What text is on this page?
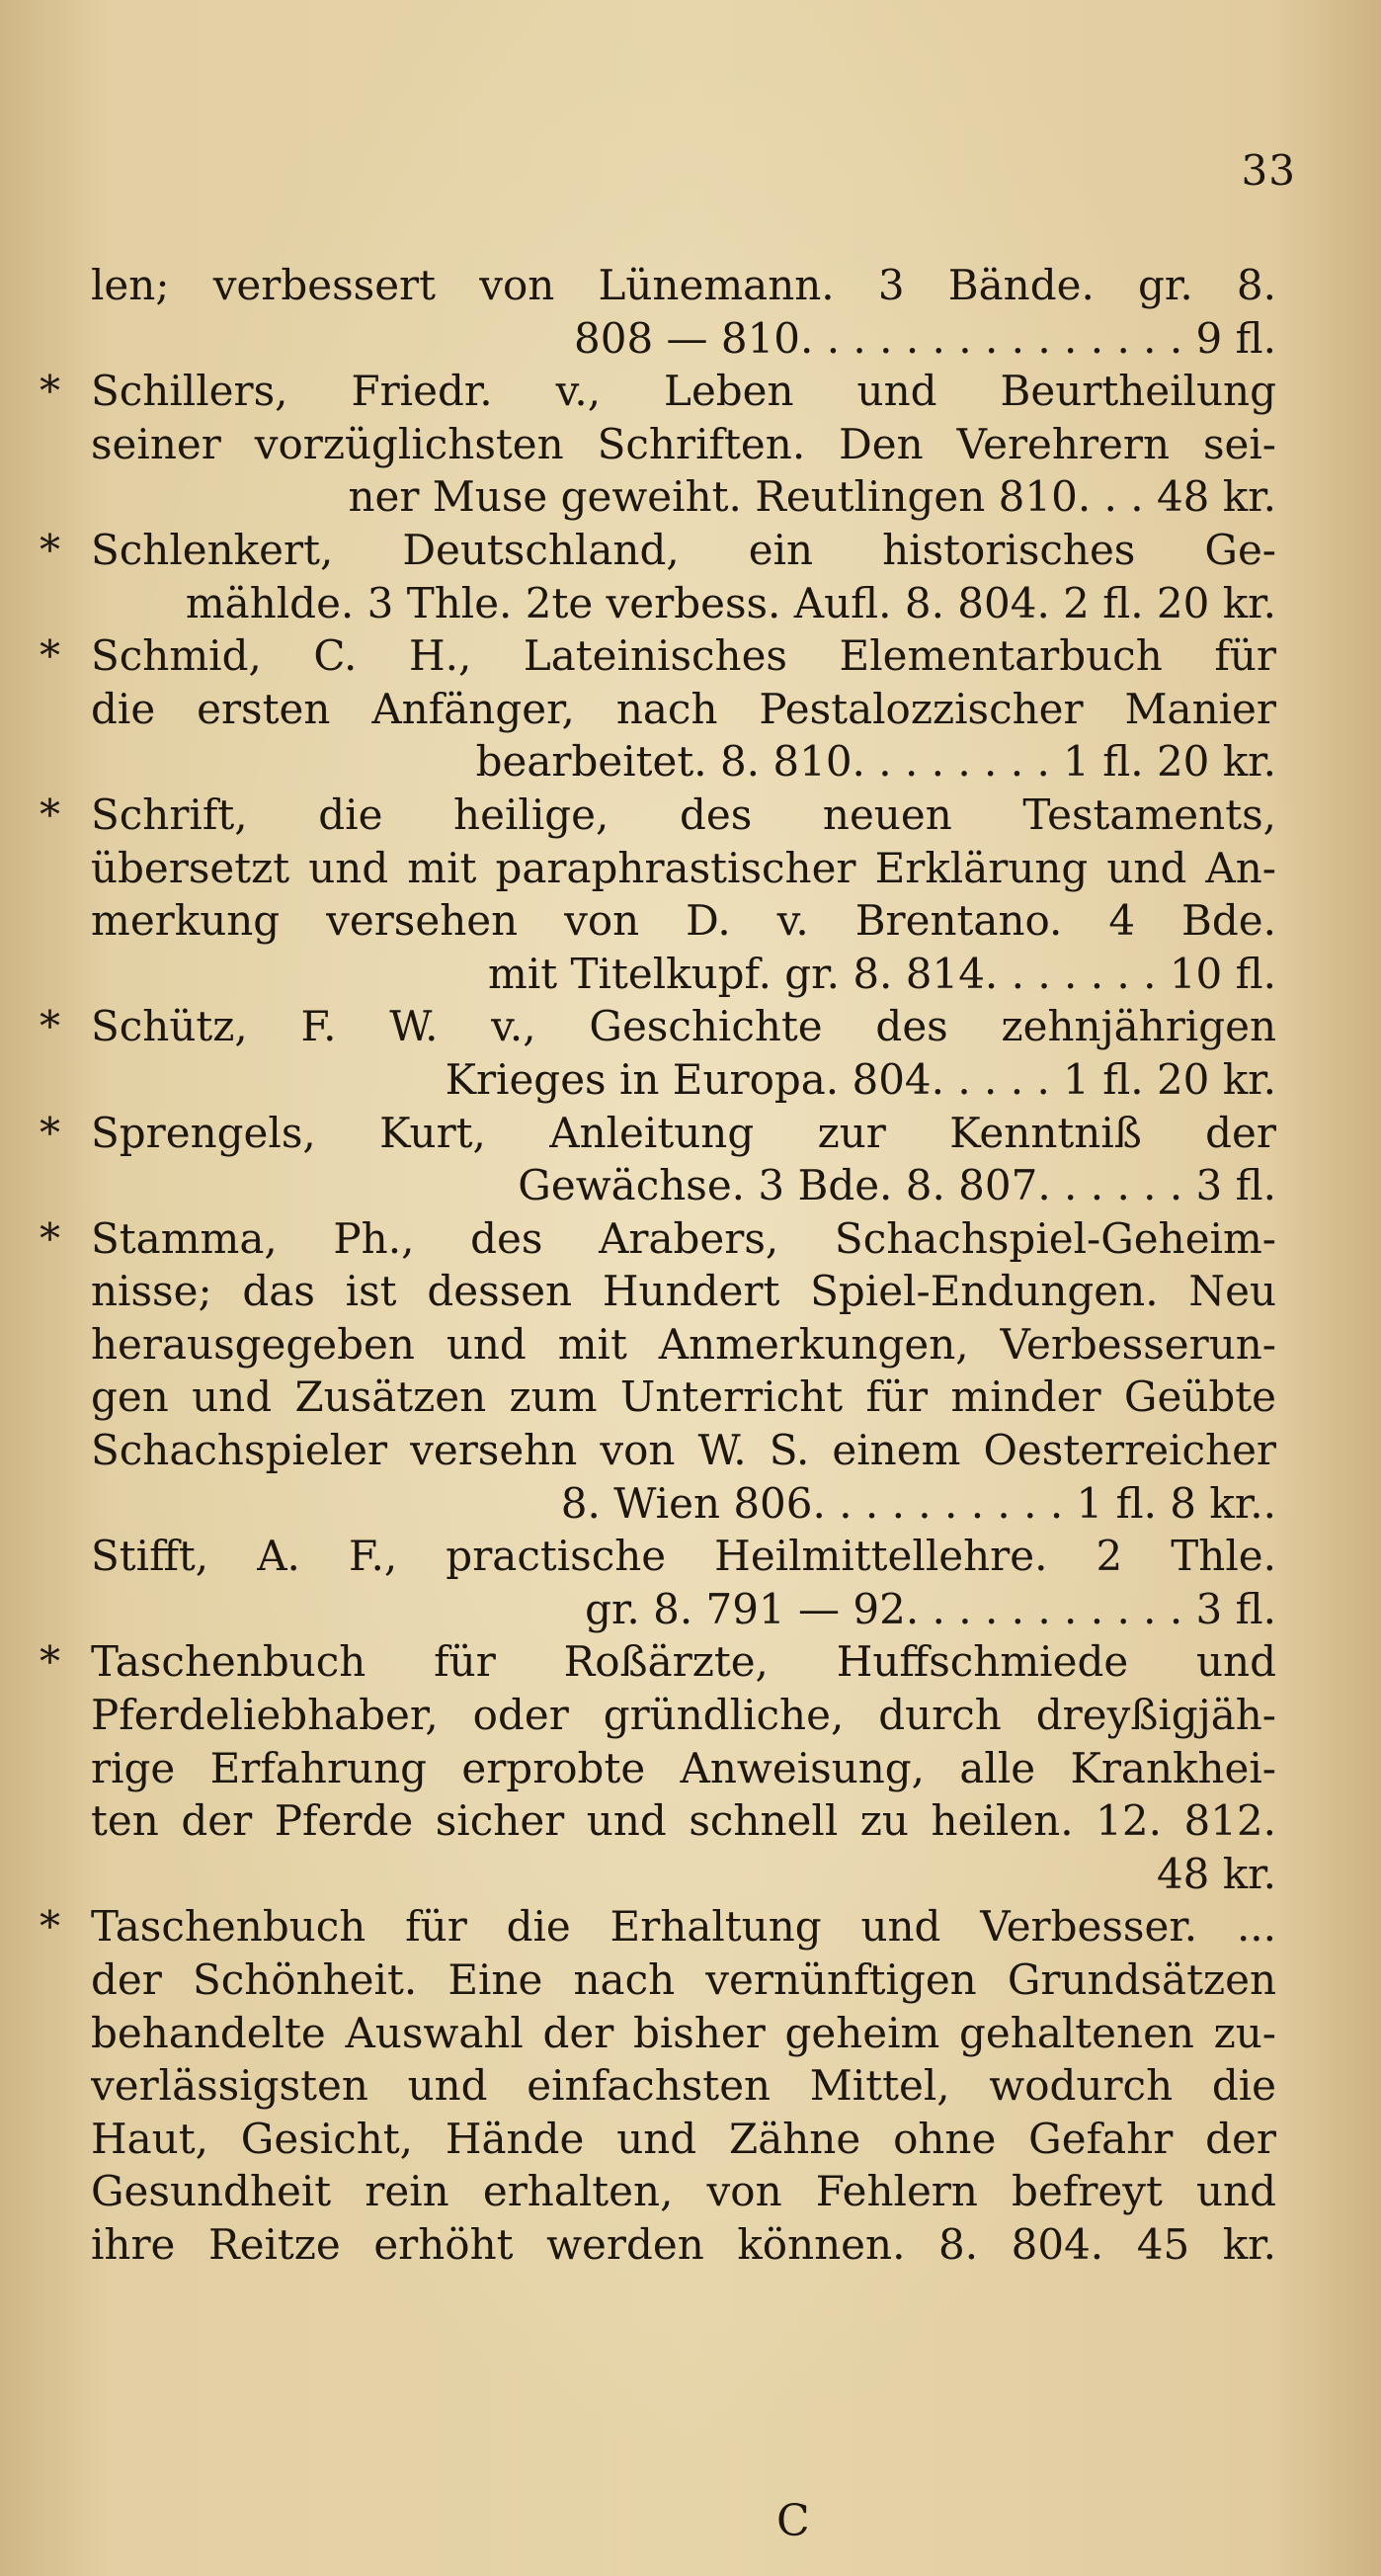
33
len; verbessert von Lünemann. 3 Bände. gr. 8.
808 — 810. . . . . . . . . . . . . . . 9 fl.
* Schillers, Friedr. v., Leben und Beurtheilung
seiner vorzüglichsten Schriften. Den Verehrern sei-
ner Muse geweiht. Reutlingen 810. . . 48 kr.
* Schlenkert, Deutschland, ein historisches Ge-
mählde. 3 Thle. 2te verbess. Aufl. 8. 804. 2 fl. 20 kr.
* Schmid, C. H., Lateinisches Elementarbuch für
die ersten Anfänger, nach Pestalozzischer Manier
bearbeitet. 8. 810. . . . . . . . 1 fl. 20 kr.
* Schrift, die heilige, des neuen Testaments,
übersetzt und mit paraphrastischer Erklärung und An-
merkung versehen von D. v. Brentano. 4 Bde.
mit Titelkupf. gr. 8. 814. . . . . . . 10 fl.
* Schütz, F. W. v., Geschichte des zehnjährigen
Krieges in Europa. 804. . . . . 1 fl. 20 kr.
* Sprengels, Kurt, Anleitung zur Kenntniß der
Gewächse. 3 Bde. 8. 807. . . . . . 3 fl.
* Stamma, Ph., des Arabers, Schachspiel-Geheim-
nisse; das ist dessen Hundert Spiel-Endungen. Neu
herausgegeben und mit Anmerkungen, Verbesserun-
gen und Zusätzen zum Unterricht für minder Geübte
Schachspieler versehn von W. S. einem Oesterreicher
8. Wien 806. . . . . . . . . . 1 fl. 8 kr..
Stifft, A. F., practische Heilmittellehre. 2 Thle.
gr. 8. 791 — 92. . . . . . . . . . . 3 fl.
* Taschenbuch für Roßärzte, Huffschmiede und
Pferdeliebhaber, oder gründliche, durch dreyßigjäh-
rige Erfahrung erprobte Anweisung, alle Krankhei-
ten der Pferde sicher und schnell zu heilen. 12. 812.
48 kr.
* Taschenbuch für die Erhaltung und Verbesser. ...
der Schönheit. Eine nach vernünftigen Grundsätzen
behandelte Auswahl der bisher geheim gehaltenen zu-
verlässigsten und einfachsten Mittel, wodurch die
Haut, Gesicht, Hände und Zähne ohne Gefahr der
Gesundheit rein erhalten, von Fehlern befreyt und
ihre Reitze erhöht werden können. 8. 804. 45 kr.
C
